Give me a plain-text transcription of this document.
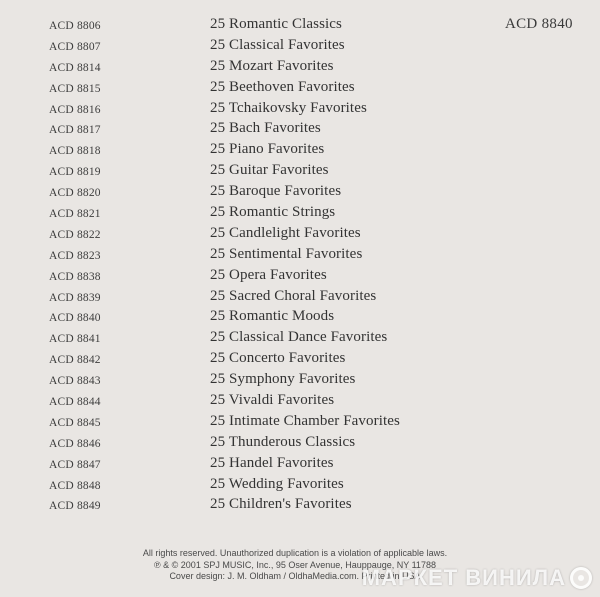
ACD 8840
ACD 8806	25 Romantic Classics
ACD 8807	25 Classical Favorites
ACD 8814	25 Mozart Favorites
ACD 8815	25 Beethoven Favorites
ACD 8816	25 Tchaikovsky Favorites
ACD 8817	25 Bach Favorites
ACD 8818	25 Piano Favorites
ACD 8819	25 Guitar Favorites
ACD 8820	25 Baroque Favorites
ACD 8821	25 Romantic Strings
ACD 8822	25 Candlelight Favorites
ACD 8823	25 Sentimental Favorites
ACD 8838	25 Opera Favorites
ACD 8839	25 Sacred Choral Favorites
ACD 8840	25 Romantic Moods
ACD 8841	25 Classical Dance Favorites
ACD 8842	25 Concerto Favorites
ACD 8843	25 Symphony Favorites
ACD 8844	25 Vivaldi Favorites
ACD 8845	25 Intimate Chamber Favorites
ACD 8846	25 Thunderous Classics
ACD 8847	25 Handel Favorites
ACD 8848	25 Wedding Favorites
ACD 8849	25 Children's Favorites
All rights reserved. Unauthorized duplication is a violation of applicable laws.
℗ & © 2001 SPJ MUSIC, Inc., 95 Oser Avenue, Hauppauge, NY 11788
Cover design: J. M. Oldham / OldhaMedia.com. Printed in USA
МАРКЕТ ВИНИЛА
